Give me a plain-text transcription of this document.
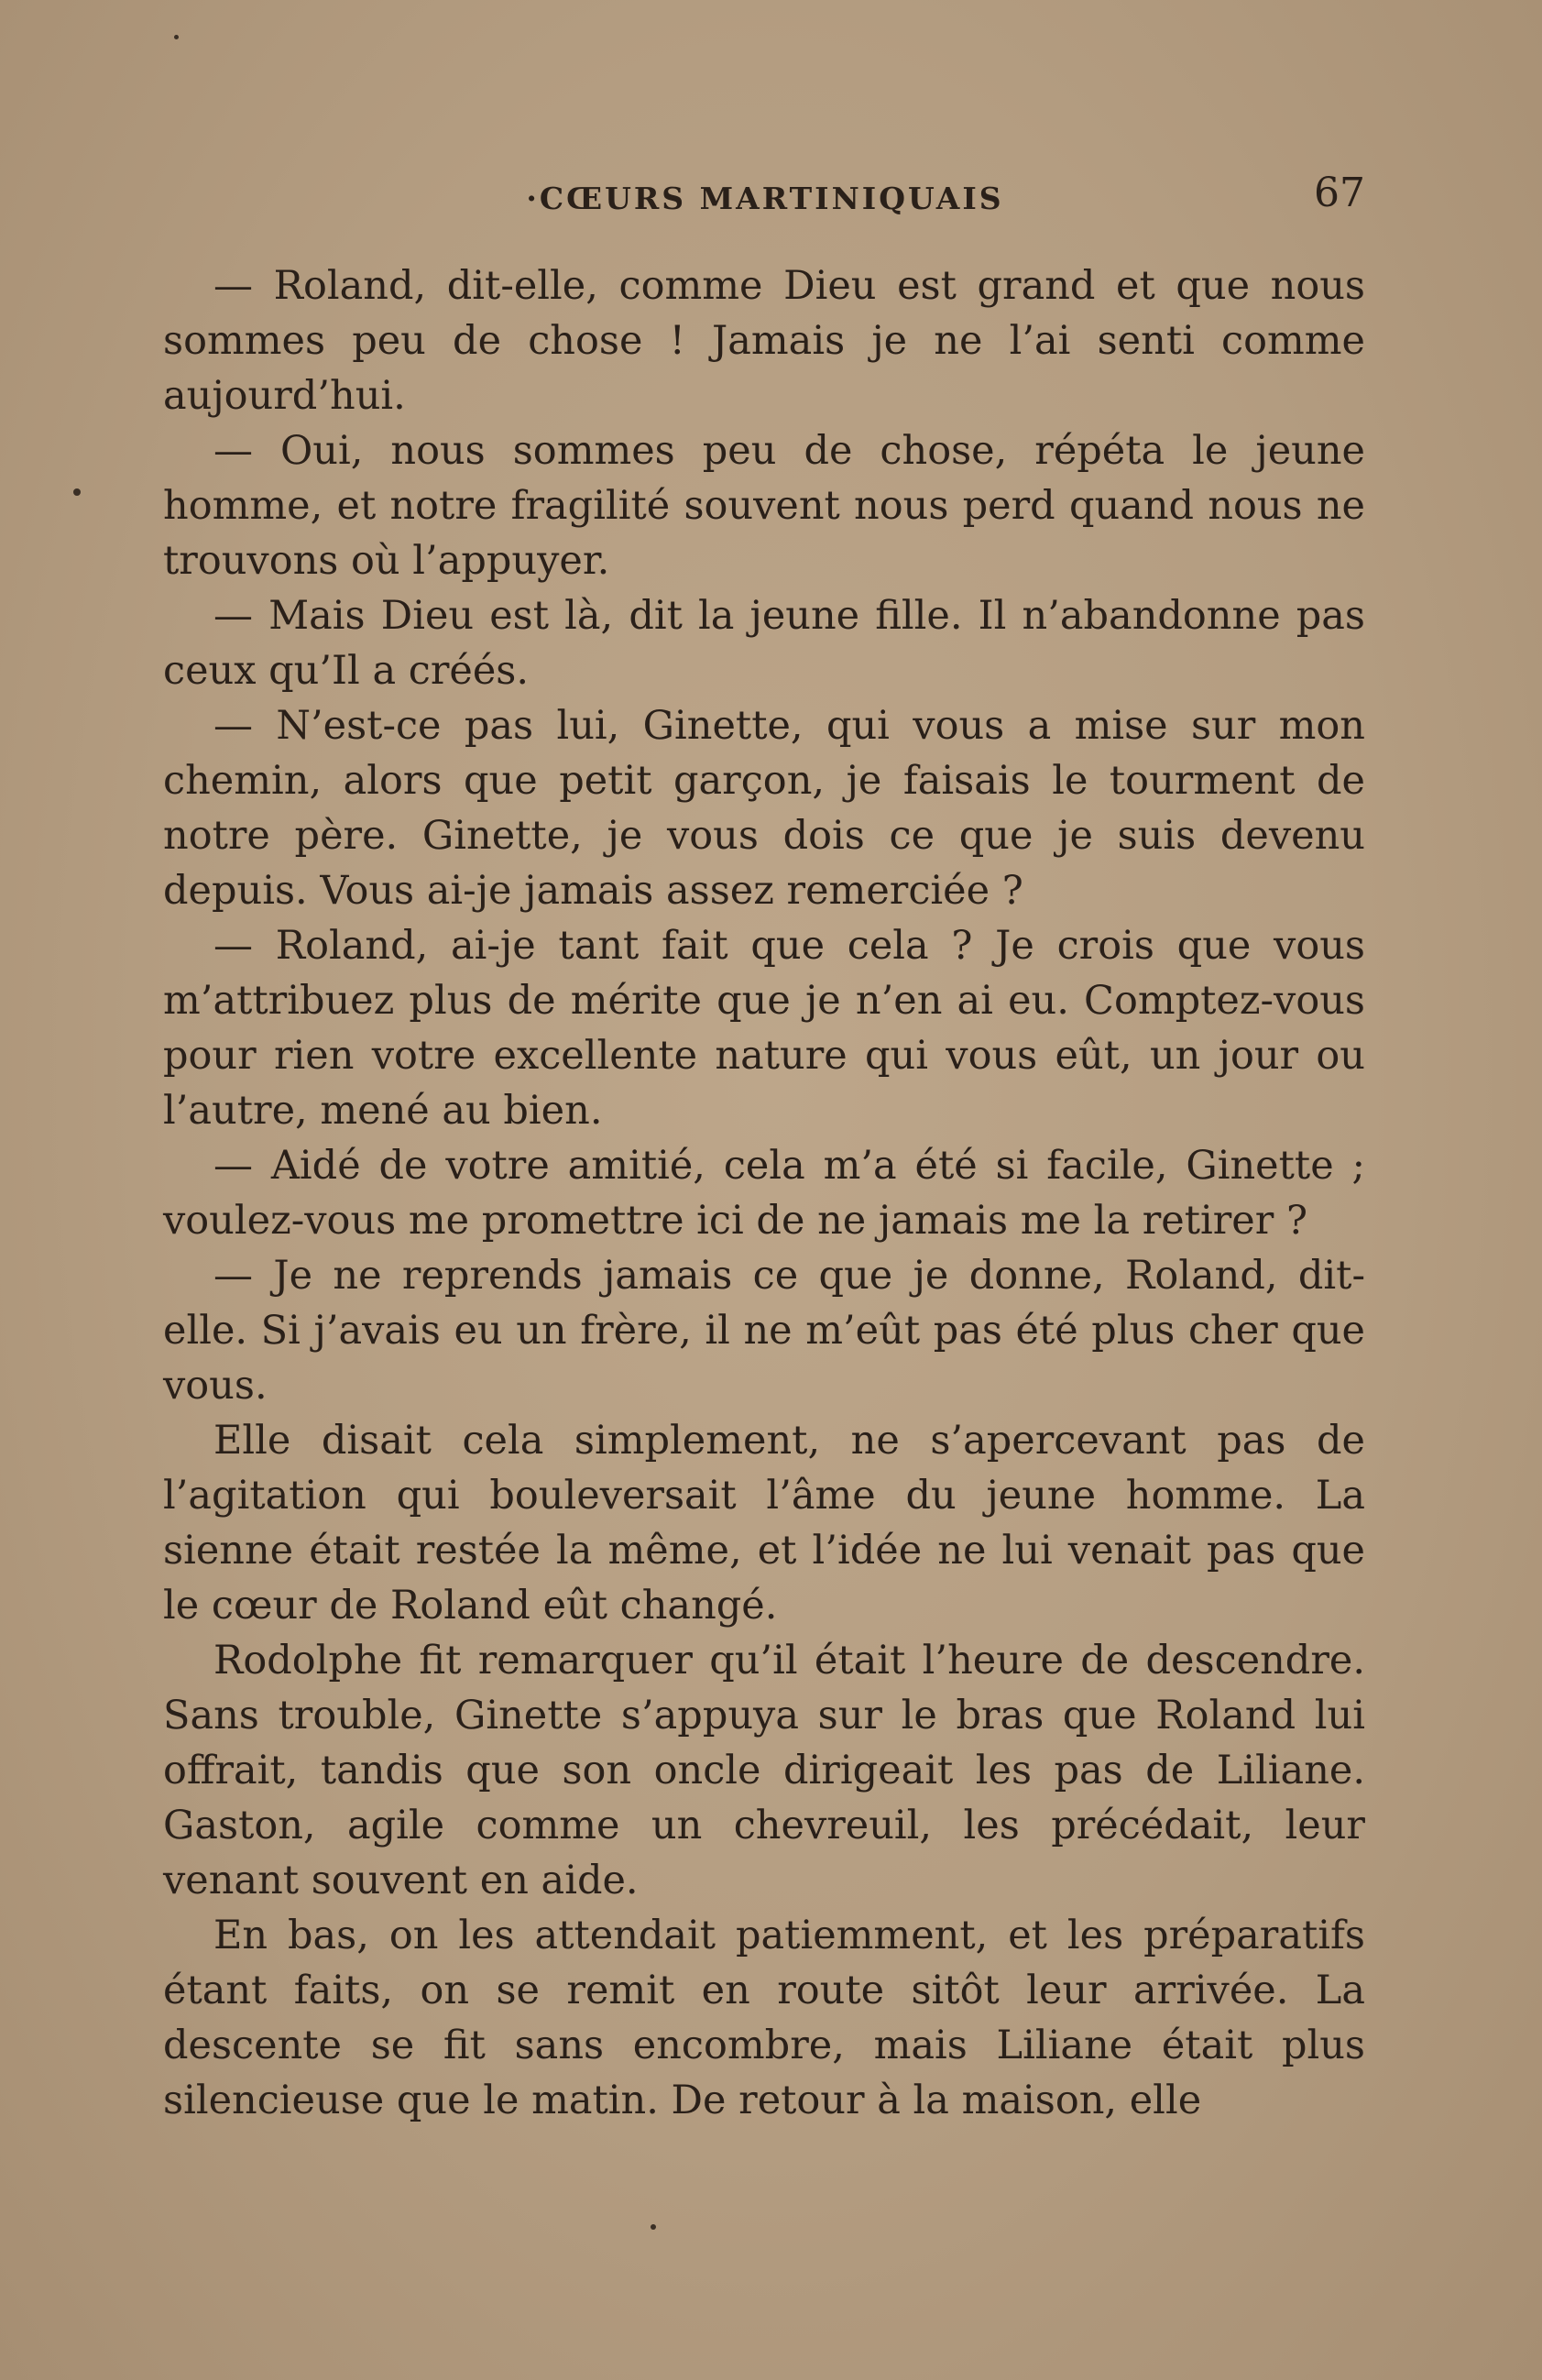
·CŒURS MARTINIQUAIS	67

— Roland, dit-elle, comme Dieu est grand et que nous sommes peu de chose ! Jamais je ne l’ai senti comme aujourd’hui.

— Oui, nous sommes peu de chose, répéta le jeune homme, et notre fragilité souvent nous perd quand nous ne trouvons où l’appuyer.

— Mais Dieu est là, dit la jeune fille. Il n’abandonne pas ceux qu’Il a créés.

— N’est-ce pas lui, Ginette, qui vous a mise sur mon chemin, alors que petit garçon, je faisais le tourment de notre père. Ginette, je vous dois ce que je suis devenu depuis. Vous ai-je jamais assez remerciée ?

— Roland, ai-je tant fait que cela ? Je crois que vous m’attribuez plus de mérite que je n’en ai eu. Comptez-vous pour rien votre excellente nature qui vous eût, un jour ou l’autre, mené au bien.

— Aidé de votre amitié, cela m’a été si facile, Ginette ; voulez-vous me promettre ici de ne jamais me la retirer ?

— Je ne reprends jamais ce que je donne, Roland, dit-elle. Si j’avais eu un frère, il ne m’eût pas été plus cher que vous.

Elle disait cela simplement, ne s’apercevant pas de l’agitation qui bouleversait l’âme du jeune homme. La sienne était restée la même, et l’idée ne lui venait pas que le cœur de Roland eût changé.

Rodolphe fit remarquer qu’il était l’heure de descendre. Sans trouble, Ginette s’appuya sur le bras que Roland lui offrait, tandis que son oncle dirigeait les pas de Liliane. Gaston, agile comme un chevreuil, les précédait, leur venant souvent en aide.

En bas, on les attendait patiemment, et les préparatifs étant faits, on se remit en route sitôt leur arrivée. La descente se fit sans encombre, mais Liliane était plus silencieuse que le matin. De retour à la maison, elle
